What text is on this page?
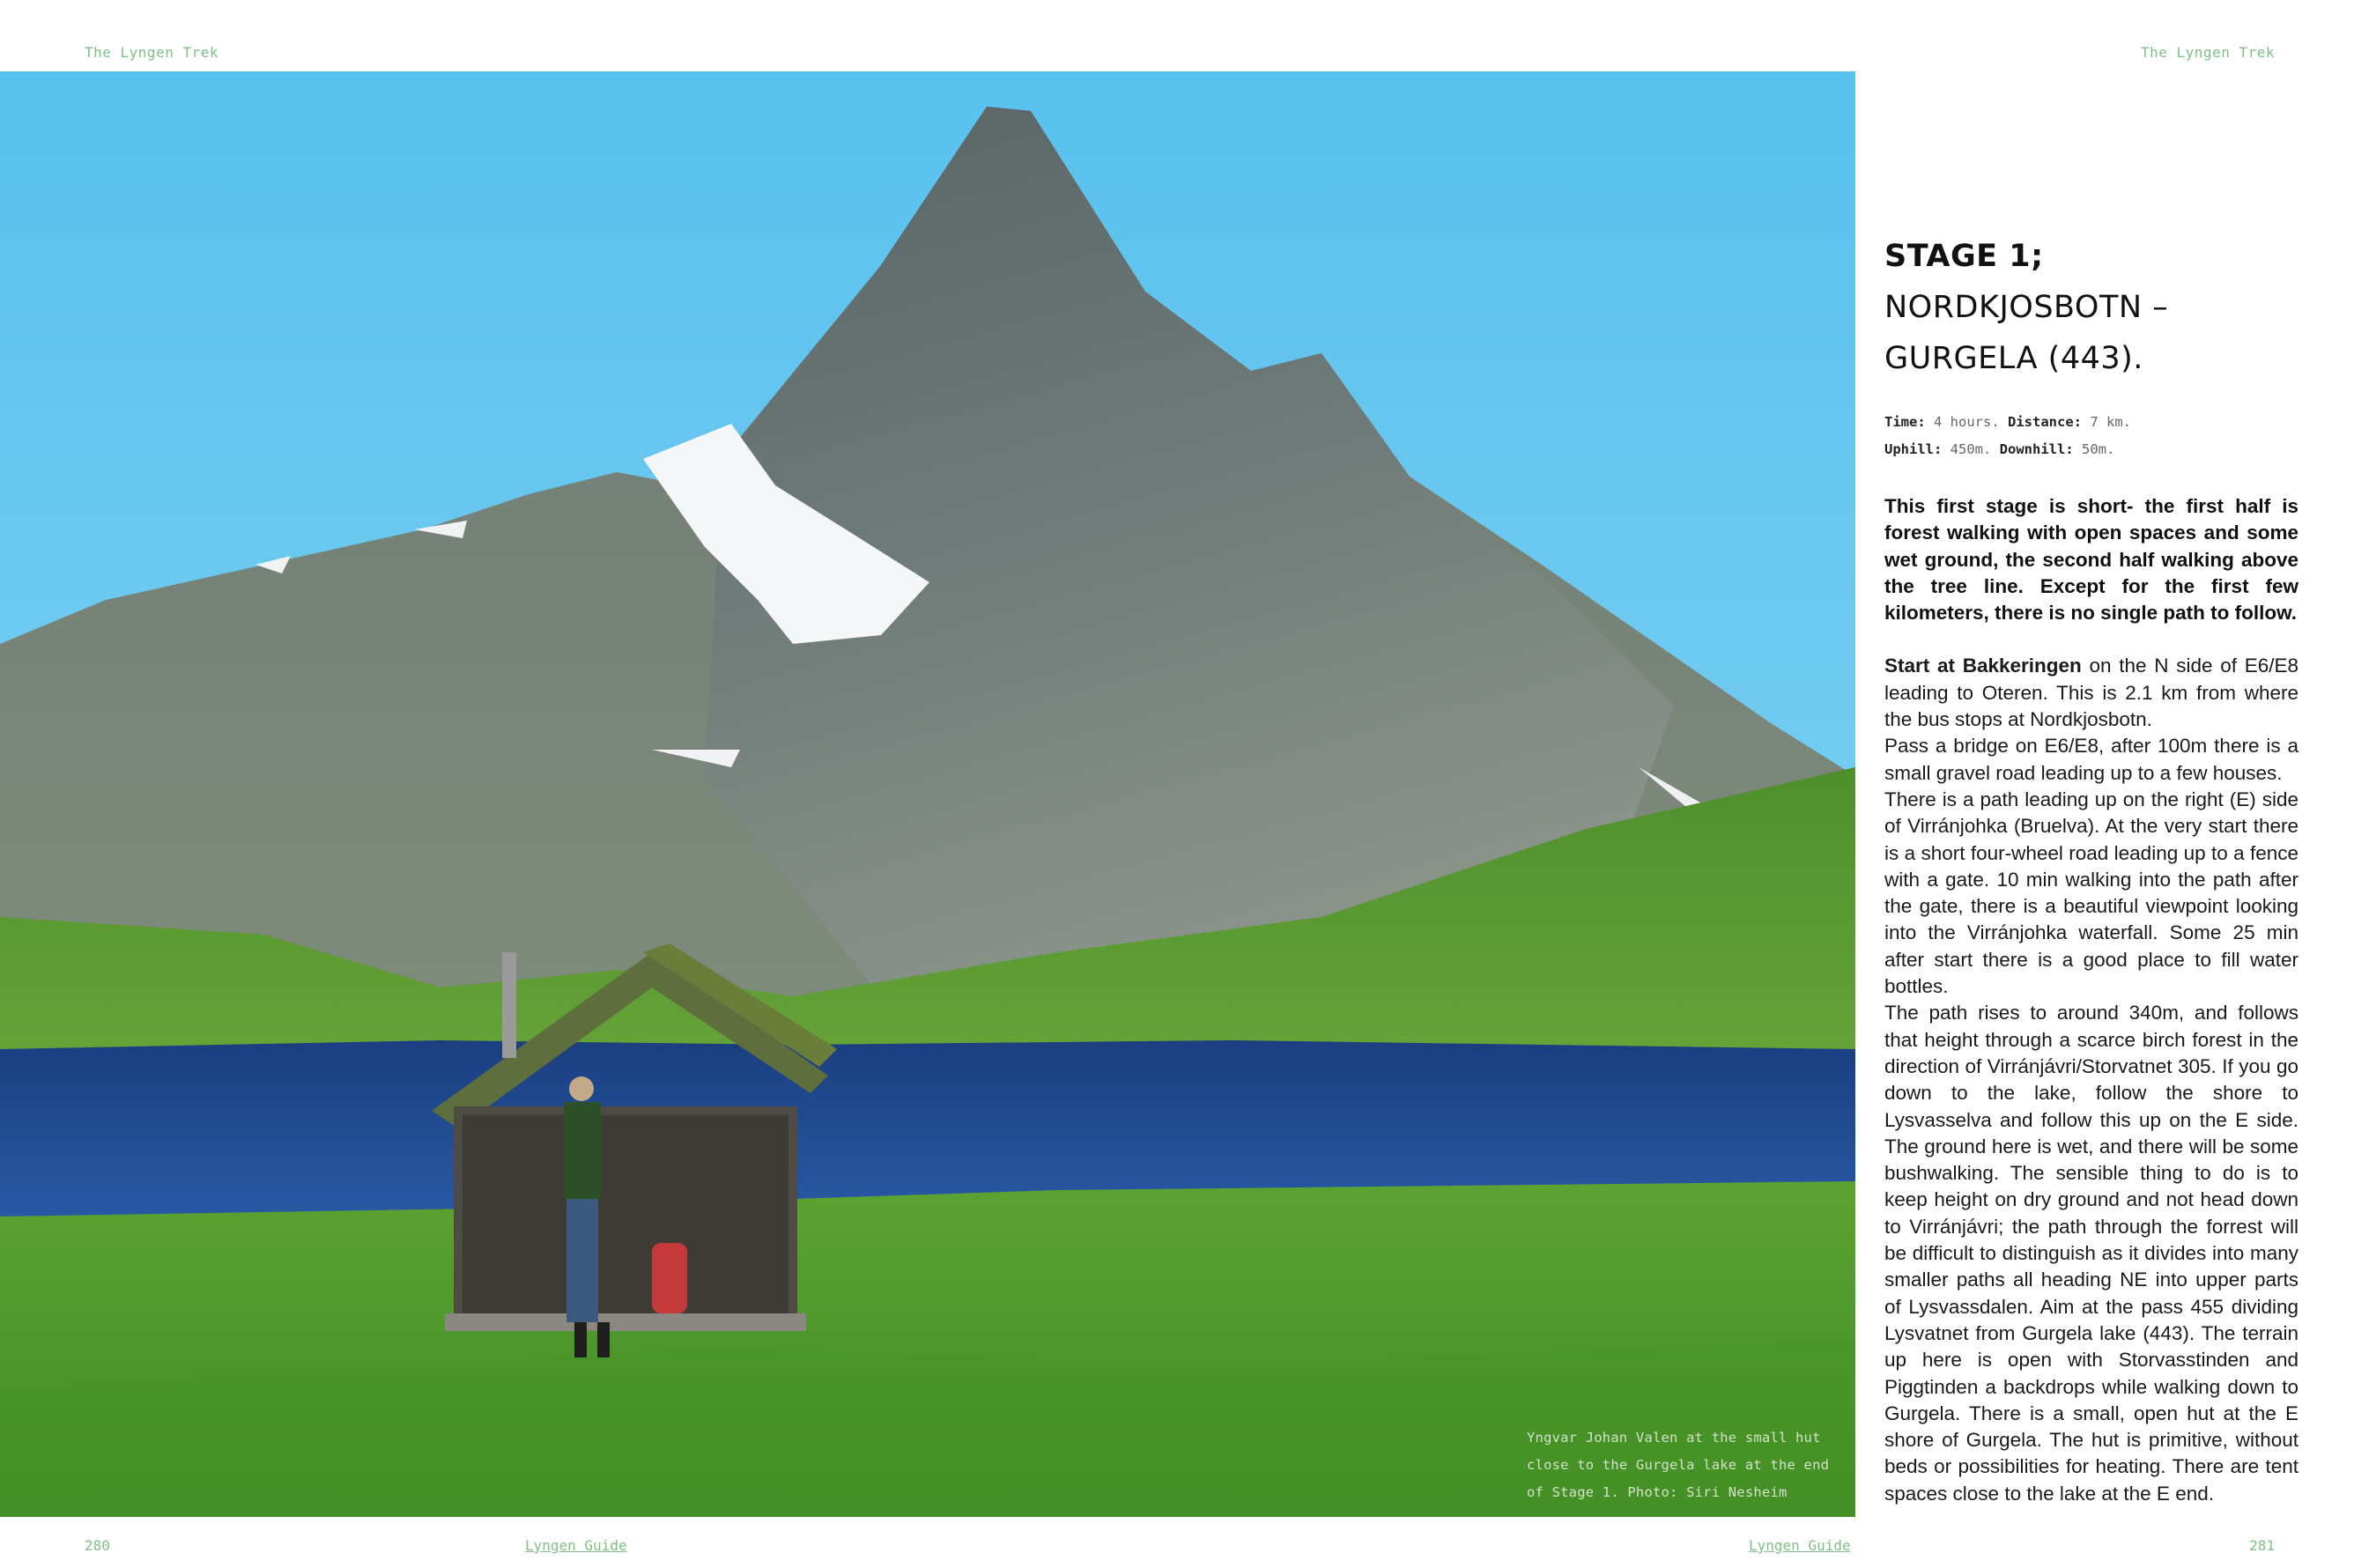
The Lyngen Trek	The Lyngen Trek
Yngvar Johan Valen at the small hut
close to the Gurgela lake at the end
of Stage 1. Photo: Siri Nesheim
STAGE 1; NORDKJOSBOTN – GURGELA (443).
Time: 4 hours. Distance: 7 km.
Uphill: 450m. Downhill: 50m.
This first stage is short- the first half is forest walking with open spaces and some wet ground, the second half walking above the tree line. Except for the first few kilometers, there is no single path to follow.

Start at Bakkeringen on the N side of E6/E8 leading to Oteren. This is 2.1 km from where the bus stops at Nordkjosbotn.

Pass a bridge on E6/E8, after 100m there is a small gravel road leading up to a few houses.

There is a path leading up on the right (E) side of Virránjohka (Bruelva). At the very start there is a short four-wheel road leading up to a fence with a gate. 10 min walking into the path after the gate, there is a beautiful viewpoint looking into the Virránjohka waterfall. Some 25 min after start there is a good place to fill water bottles.

The path rises to around 340m, and follows that height through a scarce birch forest in the direction of Virránjávri/Storvatnet 305. If you go down to the lake, follow the shore to Lysvasselva and follow this up on the E side. The ground here is wet, and there will be some bushwalking. The sensible thing to do is to keep height on dry ground and not head down to Virránjávri; the path through the forrest will be difficult to distinguish as it divides into many smaller paths all heading NE into upper parts of Lysvassdalen. Aim at the pass 455 dividing Lysvatnet from Gurgela lake (443). The terrain up here is open with Storvasstinden and Piggtinden a backdrops while walking down to Gurgela. There is a small, open hut at the E shore of Gurgela. The hut is primitive, without beds or possibilities for heating. There are tent spaces close to the lake at the E end.

280	Lyngen Guide	Lyngen Guide	281
